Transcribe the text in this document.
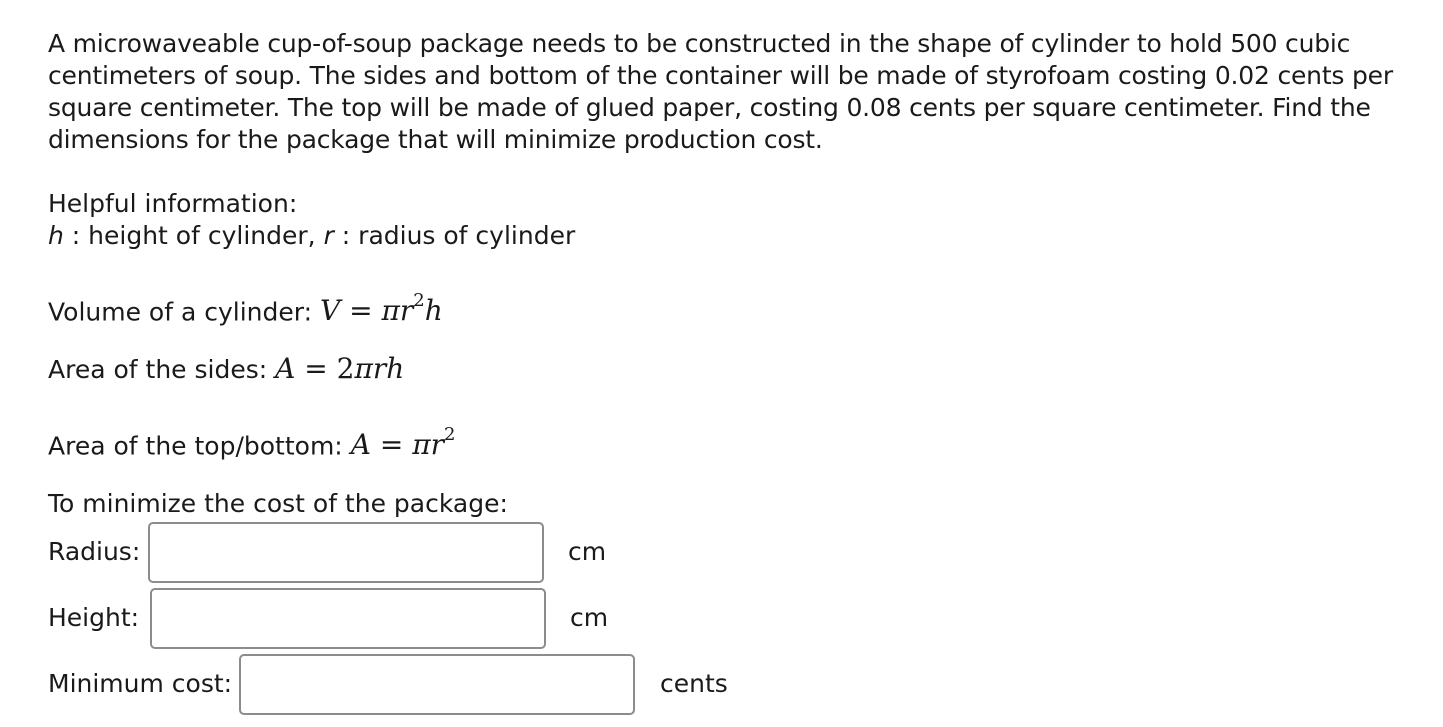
A microwaveable cup-of-soup package needs to be constructed in the shape of cylinder to hold 500 cubic centimeters of soup. The sides and bottom of the container will be made of styrofoam costing 0.02 cents per square centimeter. The top will be made of glued paper, costing 0.08 cents per square centimeter. Find the dimensions for the package that will minimize production cost.

Helpful information:
h : height of cylinder, r : radius of cylinder
Volume of a cylinder: $V = \pi r^2h$
Area of the sides: A = 2πrh
Area of the top/bottom: $A = \pi r^2$
To minimize the cost of the package:
Radius:	cm
Height:	cm
Minimum cost:	cents
